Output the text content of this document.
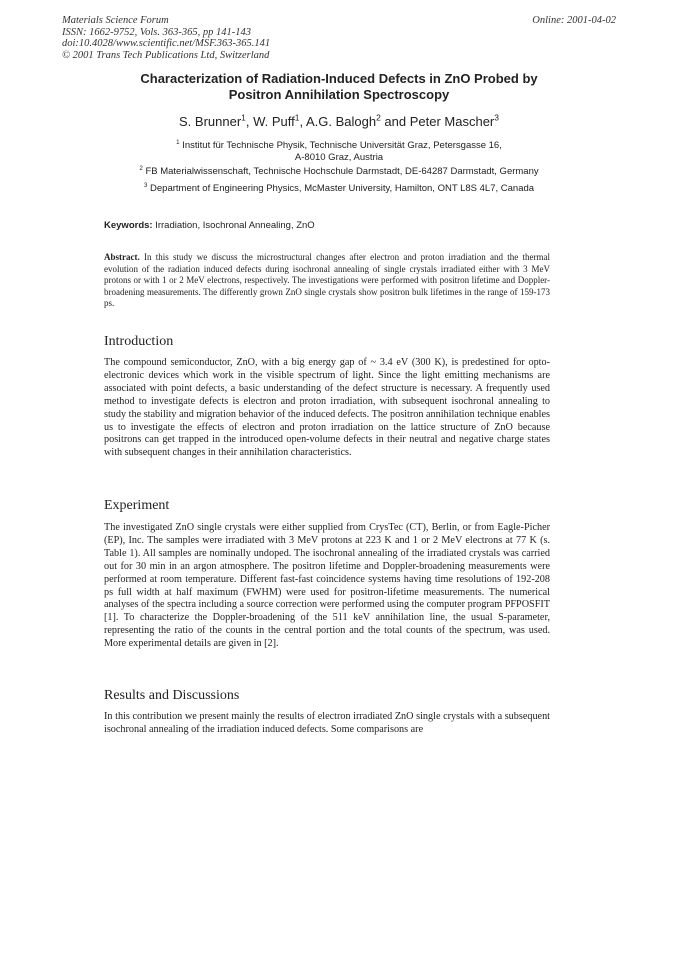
Materials Science Forum
ISSN: 1662-9752, Vols. 363-365, pp 141-143
doi:10.4028/www.scientific.net/MSF.363-365.141
© 2001 Trans Tech Publications Ltd, Switzerland
Online: 2001-04-02
Characterization of Radiation-Induced Defects in ZnO Probed by
Positron Annihilation Spectroscopy
S. Brunner$^1$, W. Puff$^1$, A.G. Balogh$^2$ and Peter Mascher$^3$
$^1$ Institut für Technische Physik, Technische Universität Graz, Petersgasse 16,
A-8010 Graz, Austria
$^2$ FB Materialwissenschaft, Technische Hochschule Darmstadt, DE-64287 Darmstadt, Germany
$^3$ Department of Engineering Physics, McMaster University, Hamilton, ONT L8S 4L7, Canada
Keywords: Irradiation, Isochronal Annealing, ZnO
Abstract. In this study we discuss the microstructural changes after electron and proton irradiation and the thermal evolution of the radiation induced defects during isochronal annealing of single crystals irradiated either with 3 MeV protons or with 1 or 2 MeV electrons, respectively. The investigations were performed with positron lifetime and Doppler-broadening measurements. The differently grown ZnO single crystals show positron bulk lifetimes in the range of 159-173 ps.
Introduction
The compound semiconductor, ZnO, with a big energy gap of ~ 3.4 eV (300 K), is predestined for opto-electronic devices which work in the visible spectrum of light. Since the light emitting mechanisms are associated with point defects, a basic understanding of the defect structure is necessary. A frequently used method to investigate defects is electron and proton irradiation, with subsequent isochronal annealing to study the stability and migration behavior of the induced defects. The positron annihilation technique enables us to investigate the effects of electron and proton irradiation on the lattice structure of ZnO because positrons can get trapped in the introduced open-volume defects in their neutral and negative charge states with subsequent changes in their annihilation characteristics.
Experiment
The investigated ZnO single crystals were either supplied from CrysTec (CT), Berlin, or from Eagle-Picher (EP), Inc. The samples were irradiated with 3 MeV protons at 223 K and 1 or 2 MeV electrons at 77 K (s. Table 1). All samples are nominally undoped. The isochronal annealing of the irradiated crystals was carried out for 30 min in an argon atmosphere. The positron lifetime and Doppler-broadening measurements were performed at room temperature. Different fast-fast coincidence systems having time resolutions of 192-208 ps full width at half maximum (FWHM) were used for positron-lifetime measurements. The numerical analyses of the spectra including a source correction were performed using the computer program PFPOSFIT [1]. To characterize the Doppler-broadening of the 511 keV annihilation line, the usual S-parameter, representing the ratio of the counts in the central portion and the total counts of the spectrum, was used. More experimental details are given in [2].
Results and Discussions
In this contribution we present mainly the results of electron irradiated ZnO single crystals with a subsequent isochronal annealing of the irradiation induced defects. Some comparisons are
